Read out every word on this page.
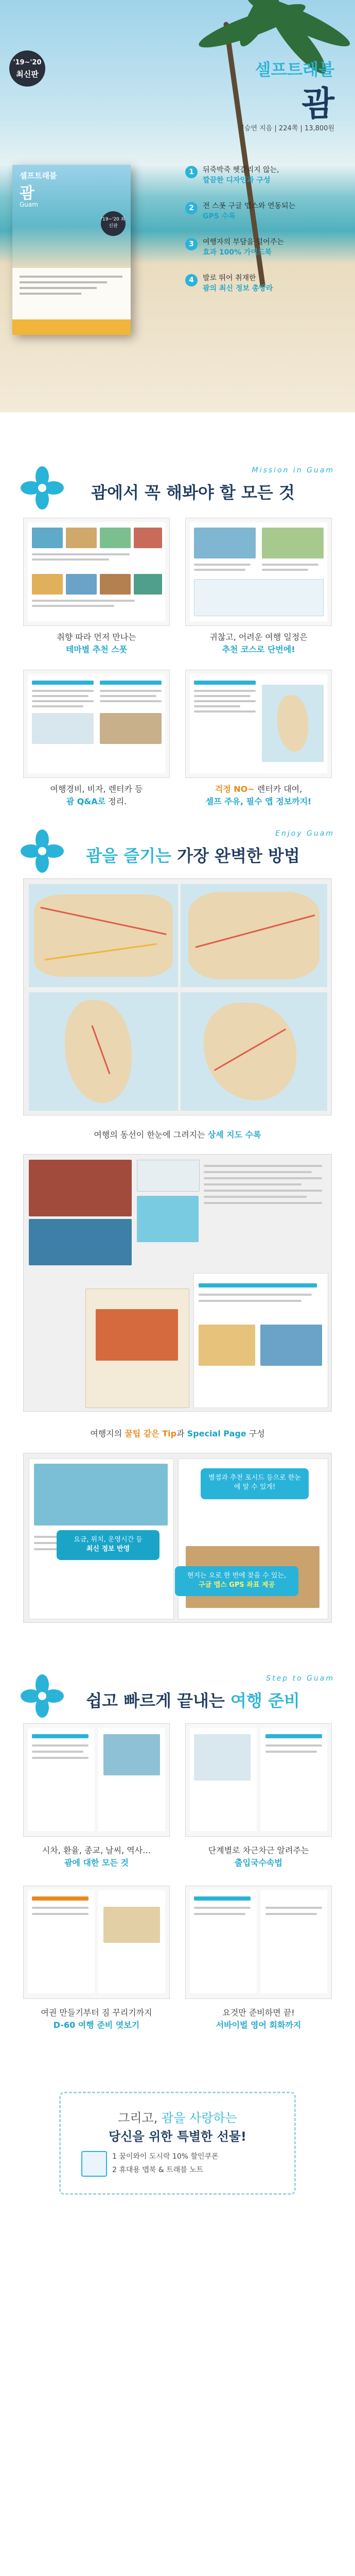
'19~'20
최신판	셀프트래블
괌
정승연 지음 | 224쪽 | 13,800원
1	뒤죽박죽 헷갈리지 않는,
깔끔한 디자인과 구성
2	전 스폿 구글 맵스와 연동되는
GPS 수록
3	여행자의 부담을 덜어주는
효과 100% 가이드북
4	발로 뛰어 취재한
괌의 최신 정보 총망라
셀프트래블
괌
Guam
'19~'20 최신판
Mission in Guam
괌에서 꼭 해봐야 할 모든 것
취향 따라 먼저 만나는
테마별 추천 스폿
귀찮고, 어려운 여행 일정은
추천 코스로 단번에!
여행경비, 비자, 렌터카 등
괌 Q&A로 정리.
걱정 NO~ 렌터카 대여,
셀프 주유, 필수 앱 정보까지!
Enjoy Guam
괌을 즐기는 가장 완벽한 방법
여행의 동선이 한눈에 그려지는 상세 지도 수록
여행지의 꿀팁 같은 Tip과 Special Page 구성
별점과 추천 포시드 등으로 한눈에 알 수 있게!
요금, 위치, 운영시간 등
최신 정보 반영
현지는 오로 한 번에 찾을 수 있는,
구글 맵스 GPS 좌표 제공
Step to Guam
쉽고 빠르게 끝내는 여행 준비
시차, 환율, 종교, 날씨, 역사…
괌에 대한 모든 것
단계별로 차근차근 알려주는
출입국수속법
여권 만들기부터 짐 꾸리기까지
D-60 여행 준비 엿보기
요것만 준비하면 끝!
서바이벌 영어 회화까지
그리고, 괌을 사랑하는
당신을 위한 특별한 선물!
1 꿈이와이 도시락 10% 할인쿠폰
2 휴대용 맵북 & 트래블 노트
